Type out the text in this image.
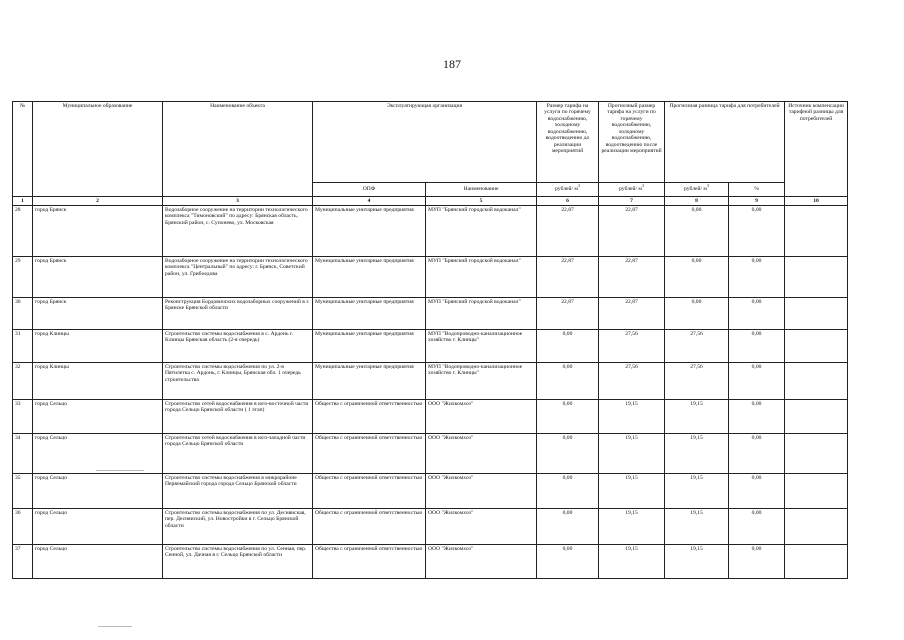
187
№	Муниципальное образование	Наименование объекта	Эксплуатирующая организация		Размер тарифа на услуги по горячему водоснабжению, холодному водоснабжению, водоотведению до реализации мероприятий	Прогнозный размер тарифа на услуги по горячему водоснабжению, холодному водоснабжению, водоотведению после реализации мероприятий	Прогнозная разница тарифа для потребителей		Источник компенсации тарифной разницы для потребителей
			ОПФ	Наименование	рублей/ $м^3$	рублей/ $м^3$	рублей/ $м^3$	%	
1	2	3	4	5	6	7	8	9	10
28	город Брянск	Водозаборное сооружение на территории технологического комплекса "Тимоновский" по адресу: Брянская область, Брянский район, с. Супонево, ул. Московская	Муниципальные унитарные предприятия	МУП "Брянский городской водоканал"	22,87	22,87	0,00	0,00	
29	город Брянск	Водозаборное сооружение на территории технологического комплекса "Центральный" по адресу: г. Брянск, Советский район, ул. Грибоедова	Муниципальные унитарные предприятия	МУП "Брянский городской водоканал"	22,87	22,87	0,00	0,00	
30	город Брянск	Реконструкция Бордовичских водозаборных сооружений в г. Брянске Брянской области	Муниципальные унитарные предприятия	МУП "Брянский городской водоканал"	22,87	22,87	0,00	0,00	
31	город Клинцы	Строительство системы водоснабжения в с. Ардонь г. Клинцы Брянская область (2-я очередь)	Муниципальные унитарные предприятия	МУП "Водопроводно-канализационное хозяйство г. Клинцы"	0,00	27,56	27,56	0,00	
32	город Клинцы	Строительство системы водоснабжения по ул. 2-я Пятилетка с. Ардонь, г. Клинцы, Брянская обл. 1 очередь строительства	Муниципальные унитарные предприятия	МУП "Водопроводно-канализационное хозяйство г. Клинцы"	0,00	27,56	27,56	0,00	
33	город Сельцо	Строительство сетей водоснабжения в юго-восточной части города Сельцо Брянской области ( 1 этап)	Общества с ограниченной ответственностью	ООО "Жилкомхоз"	0,00	19,15	19,15	0,00	
34	город Сельцо	Строительство сетей водоснабжения в юго-западной части города Сельцо Брянской области	Общества с ограниченной ответственностью	ООО "Жилкомхоз"	0,00	19,15	19,15	0,00	
35	город Сельцо	Строительство системы водоснабжения в микрорайоне Первомайский города города Сельцо Брянской области	Общества с ограниченной ответственностью	ООО "Жилкомхоз"	0,00	19,15	19,15	0,00	
36	город Сельцо	Строительство системы водоснабжения по ул. Десняиская, пер. Десняиский, ул. Новостройки в г. Сельцо Брянской области	Общества с ограниченной ответственностью	ООО "Жилкомхоз"	0,00	19,15	19,15	0,00	
37	город Сельцо	Строительство системы водоснабжения по ул. Сенная, пер. Сенной, ул. Дачная в г. Сельцо Брянской области	Общества с ограниченной ответственностью	ООО "Жилкомхоз"	0,00	19,15	19,15	0,00	
